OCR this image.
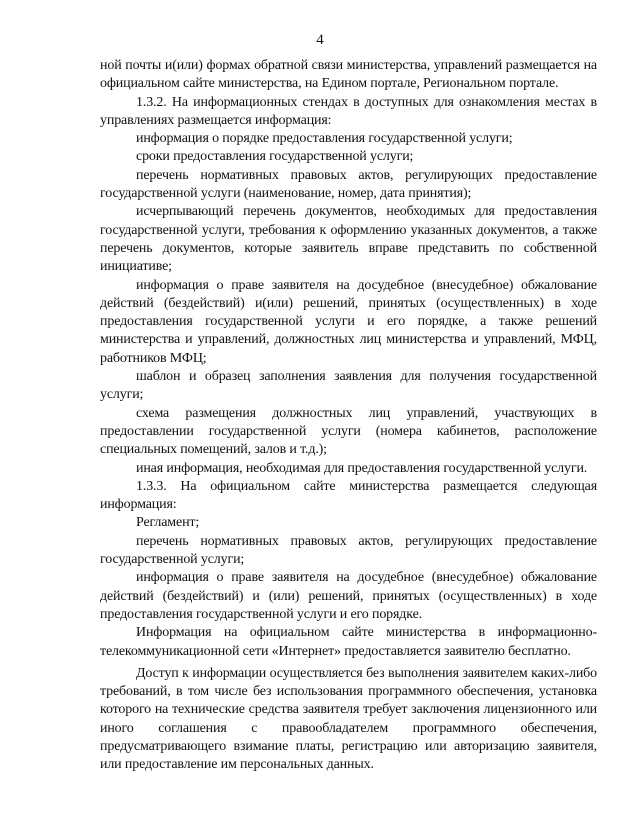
4

ной почты и(или) формах обратной связи министерства, управлений размещается на официальном сайте министерства, на Едином портале, Региональном портале.

1.3.2. На информационных стендах в доступных для ознакомления местах в управлениях размещается информация:

информация о порядке предоставления государственной услуги;

сроки предоставления государственной услуги;

перечень нормативных правовых актов, регулирующих предоставление государственной услуги (наименование, номер, дата принятия);

исчерпывающий перечень документов, необходимых для предоставления государственной услуги, требования к оформлению указанных документов, а также перечень документов, которые заявитель вправе представить по собственной инициативе;

информация о праве заявителя на досудебное (внесудебное) обжалование действий (бездействий) и(или) решений, принятых (осуществленных) в ходе предоставления государственной услуги и его порядке, а также решений министерства и управлений, должностных лиц министерства и управлений, МФЦ, работников МФЦ;

шаблон и образец заполнения заявления для получения государственной услуги;

схема размещения должностных лиц управлений, участвующих в предоставлении государственной услуги (номера кабинетов, расположение специальных помещений, залов и т.д.);

иная информация, необходимая для предоставления государственной услуги.

1.3.3. На официальном сайте министерства размещается следующая информация:

Регламент;

перечень нормативных правовых актов, регулирующих предоставление государственной услуги;

информация о праве заявителя на досудебное (внесудебное) обжалование действий (бездействий) и (или) решений, принятых (осуществленных) в ходе предоставления государственной услуги и его порядке.

Информация на официальном сайте министерства в информационно-телекоммуникационной сети «Интернет» предоставляется заявителю бесплатно.

Доступ к информации осуществляется без выполнения заявителем каких-либо требований, в том числе без использования программного обеспечения, установка которого на технические средства заявителя требует заключения лицензионного или иного соглашения с правообладателем программного обеспечения, предусматривающего взимание платы, регистрацию или авторизацию заявителя, или предоставление им персональных данных.
